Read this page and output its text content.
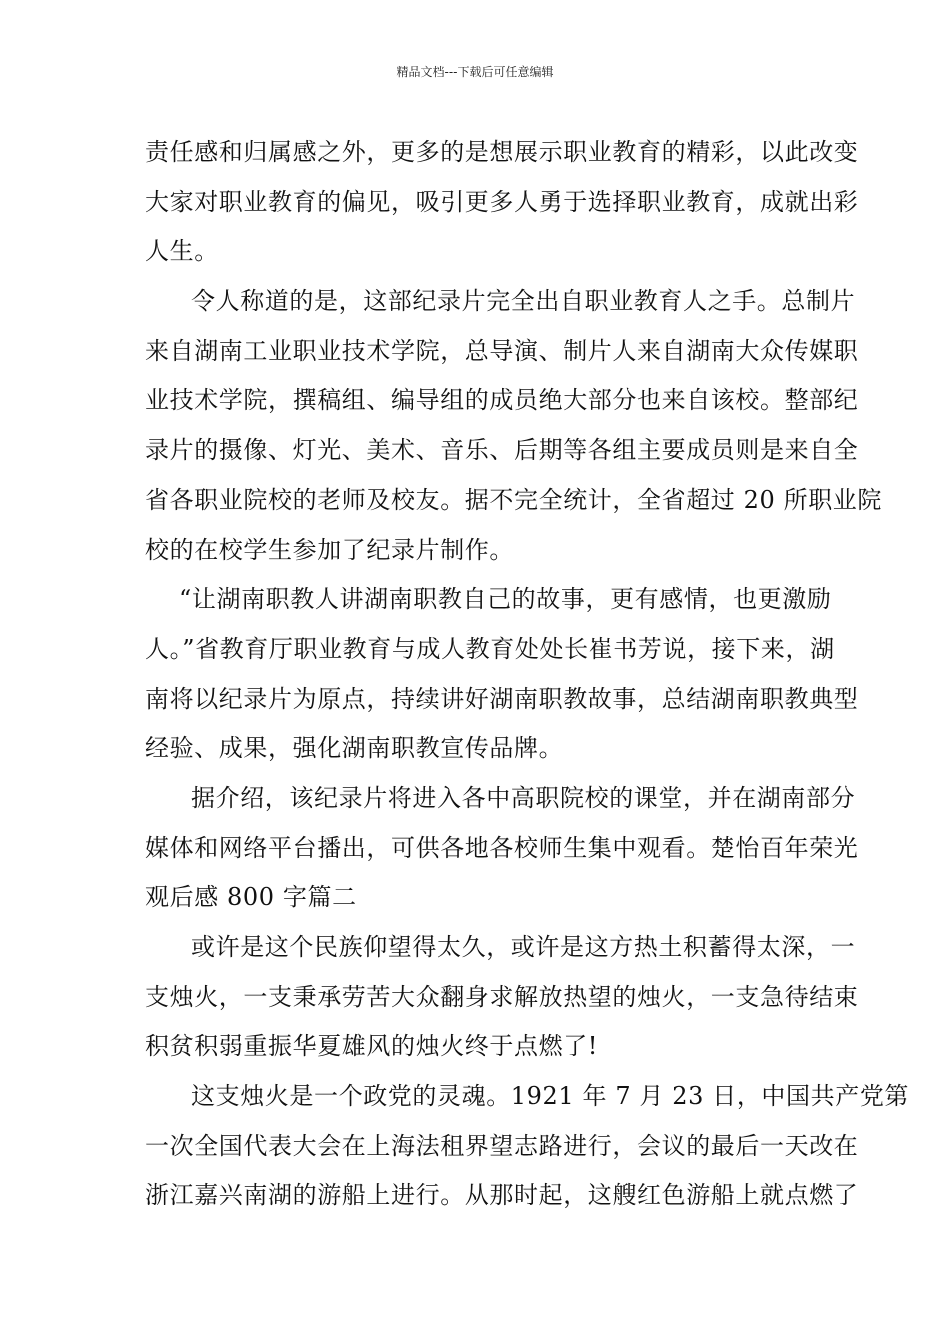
精品文档---下载后可任意编辑
责任感和归属感之外，更多的是想展示职业教育的精彩，以此改变
大家对职业教育的偏见，吸引更多人勇于选择职业教育，成就出彩
人生。
令人称道的是，这部纪录片完全出自职业教育人之手。总制片
来自湖南工业职业技术学院，总导演、制片人来自湖南大众传媒职
业技术学院，撰稿组、编导组的成员绝大部分也来自该校。整部纪
录片的摄像、灯光、美术、音乐、后期等各组主要成员则是来自全
省各职业院校的老师及校友。据不完全统计，全省超过 20 所职业院
校的在校学生参加了纪录片制作。
“让湖南职教人讲湖南职教自己的故事，更有感情，也更激励
人。”省教育厅职业教育与成人教育处处长崔书芳说，接下来，湖
南将以纪录片为原点，持续讲好湖南职教故事，总结湖南职教典型
经验、成果，强化湖南职教宣传品牌。
据介绍，该纪录片将进入各中高职院校的课堂，并在湖南部分
媒体和网络平台播出，可供各地各校师生集中观看。楚怡百年荣光
观后感 800 字篇二
或许是这个民族仰望得太久，或许是这方热土积蓄得太深，一
支烛火，一支秉承劳苦大众翻身求解放热望的烛火，一支急待结束
积贫积弱重振华夏雄风的烛火终于点燃了!
这支烛火是一个政党的灵魂。1921 年 7 月 23 日，中国共产党第
一次全国代表大会在上海法租界望志路进行，会议的最后一天改在
浙江嘉兴南湖的游船上进行。从那时起，这艘红色游船上就点燃了
